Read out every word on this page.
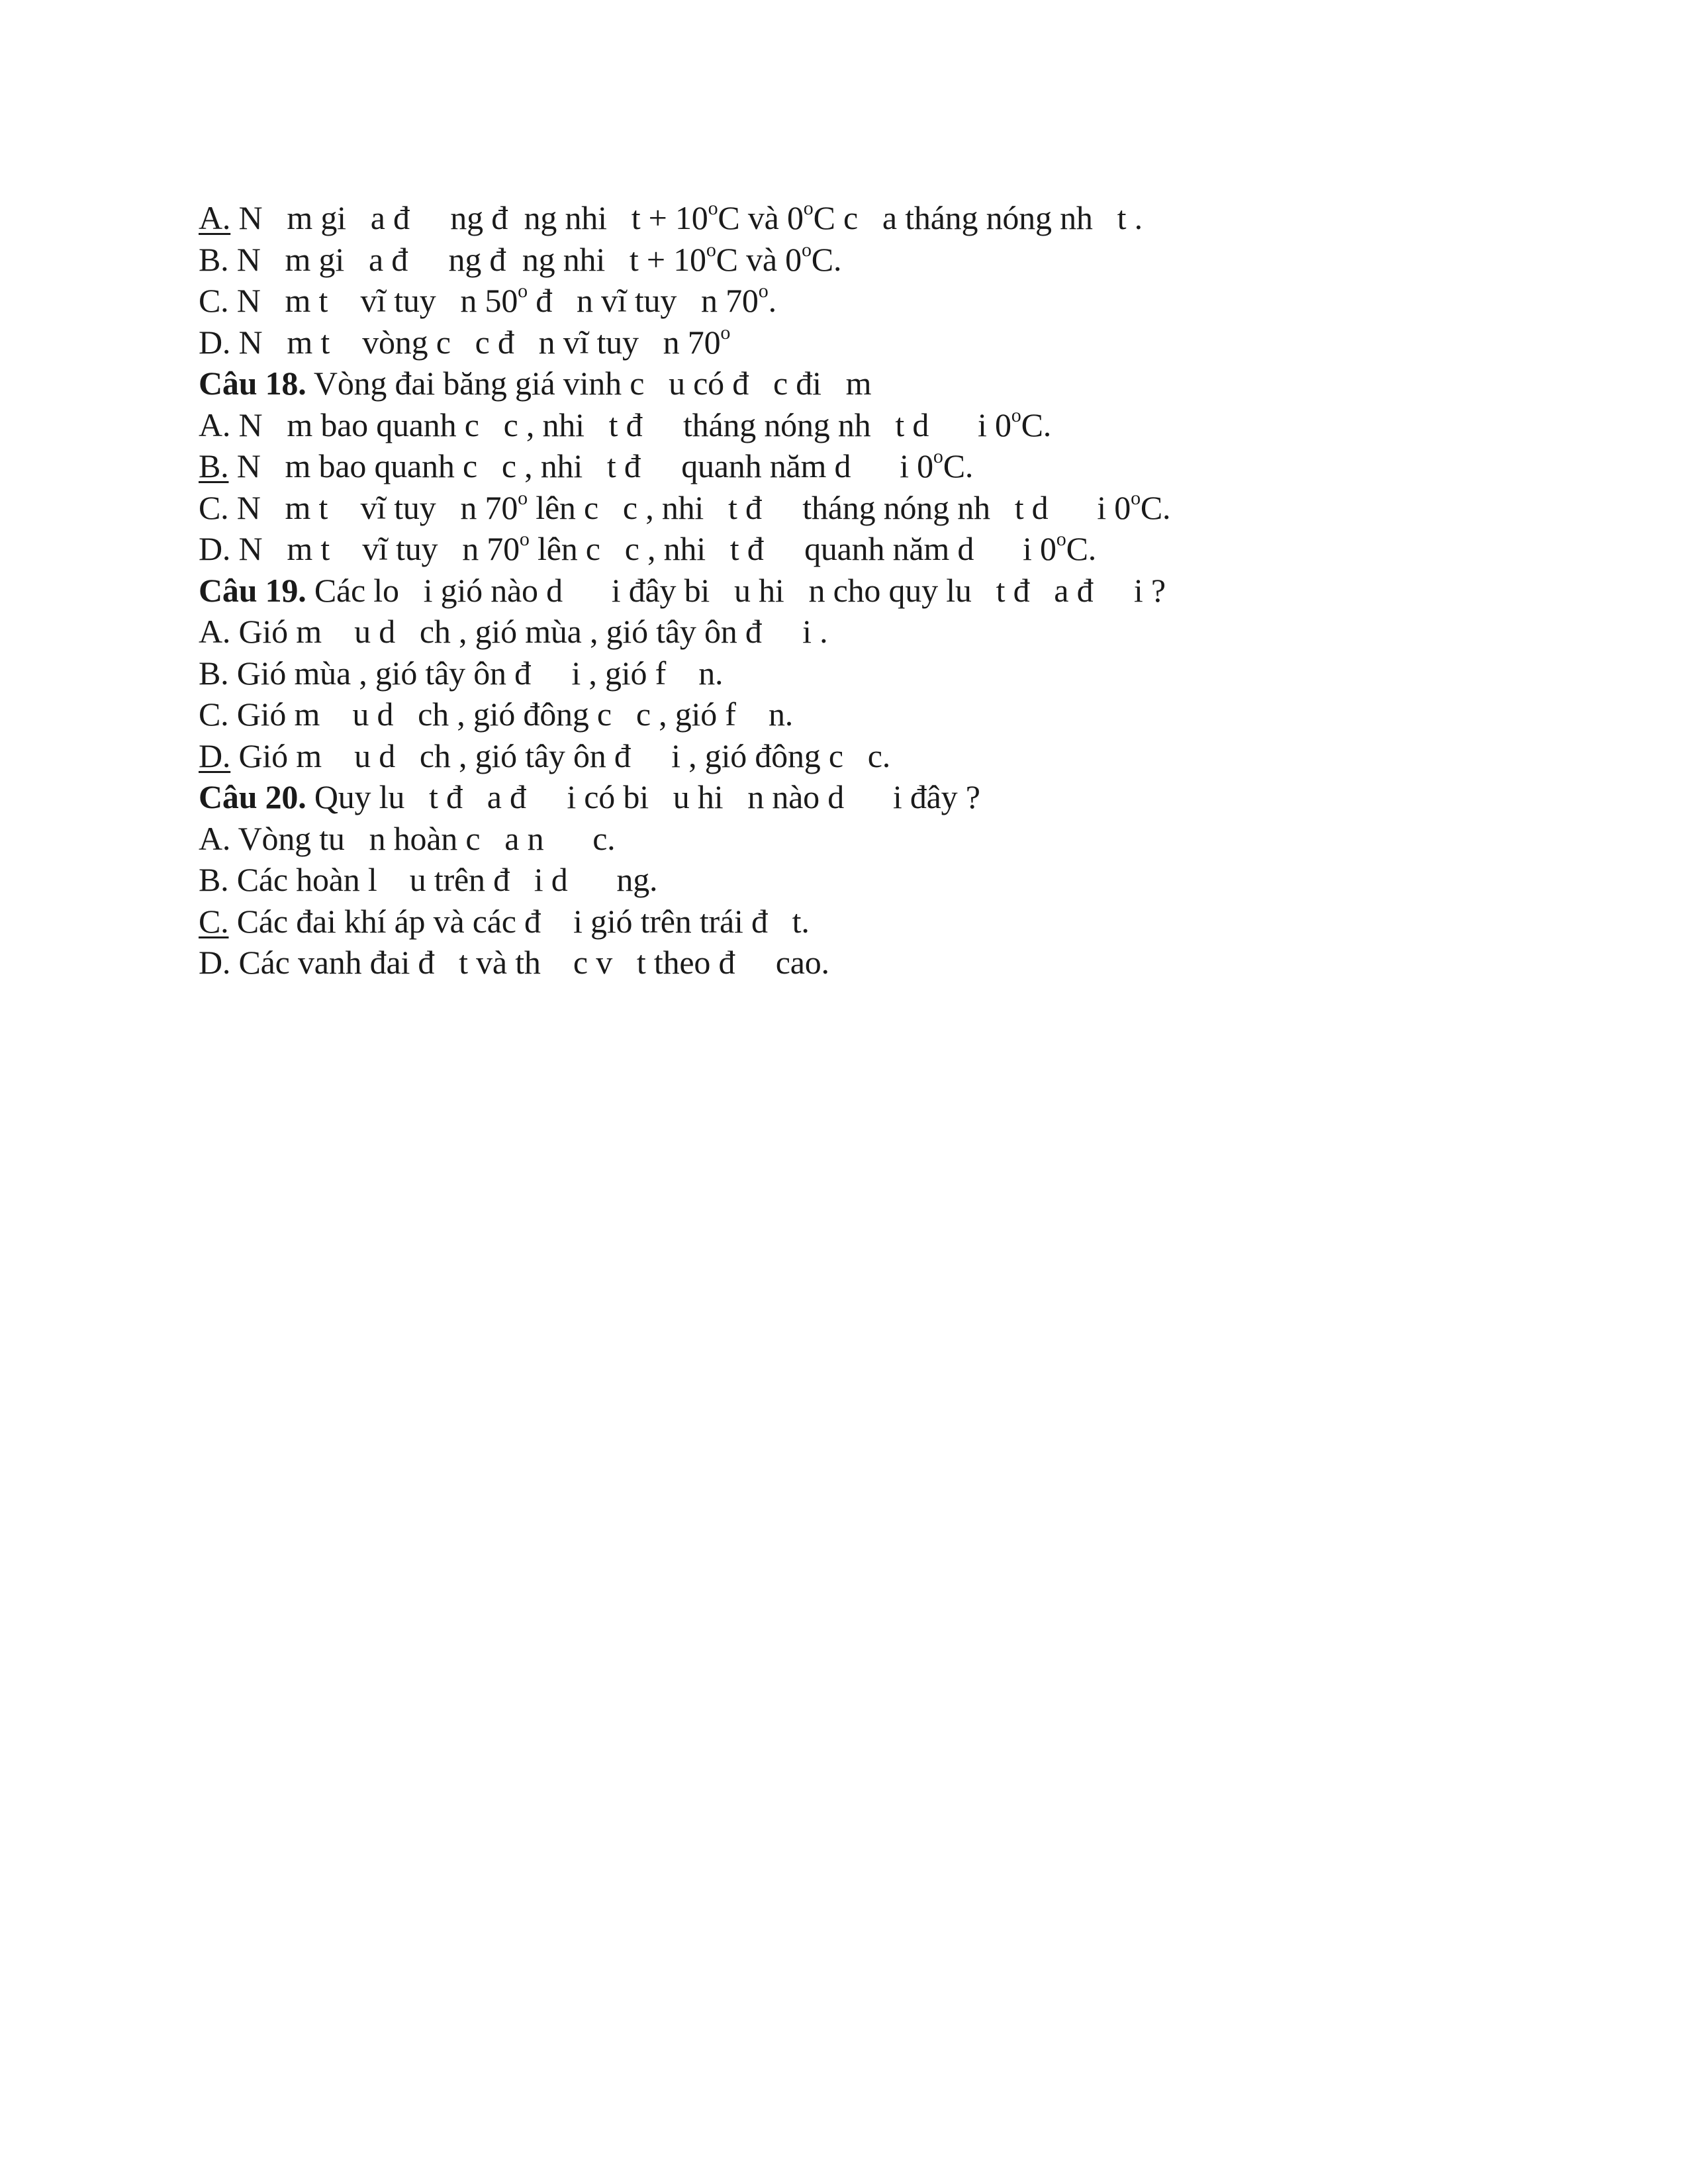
A. N   m gi   a đ     ng đ  ng nhi   $t + 10^oC$ và 0$^o$C c   a tháng nóng nh   t .
B. N   m gi   a đ     ng đ  ng nhi   $t + 10^oC$ và 0$^o$C.
C. N   m t    vĩ tuy   n 50$^o$ đ   n vĩ tuy   n 70$^o$.
D. N   m t    vòng c   c đ   n vĩ tuy   n 70$^o$
Câu 18. Vòng đai băng giá vinh c   u có đ   c đi   m
A. N   m bao quanh c   c , nhi   t đ     tháng nóng nh   t d      i 0$^o$C.
B. N   m bao quanh c   c , nhi   t đ     quanh năm d      i 0$^o$C.
C. N   m t    vĩ tuy   n 70$^o$ lên c   c , nhi   t đ     tháng nóng nh   t d      i 0$^o$C.
D. N   m t    vĩ tuy   n 70$^o$ lên c   c , nhi   t đ     quanh năm d      i 0$^o$C.
Câu 19. Các lo   i gió nào d      i đây bi   u hi   n cho quy lu   t đ   a đ     i ?
A. Gió m    u d   ch , gió mùa , gió tây ôn đ     i .
B. Gió mùa , gió tây ôn đ     i , gió f    n.
C. Gió m    u d   ch , gió đông c   c , gió f    n.
D. Gió m    u d   ch , gió tây ôn đ     i , gió đông c   c.
Câu 20. Quy lu   t đ   a đ     i có bi   u hi   n nào d      i đây ?
A. Vòng tu   n hoàn c   a n      c.
B. Các hoàn l    u trên đ   i d      ng.
C. Các đai khí áp và các đ    i gió trên trái đ   t.
D. Các vanh đai đ   t và th    c v   t theo đ     cao.
